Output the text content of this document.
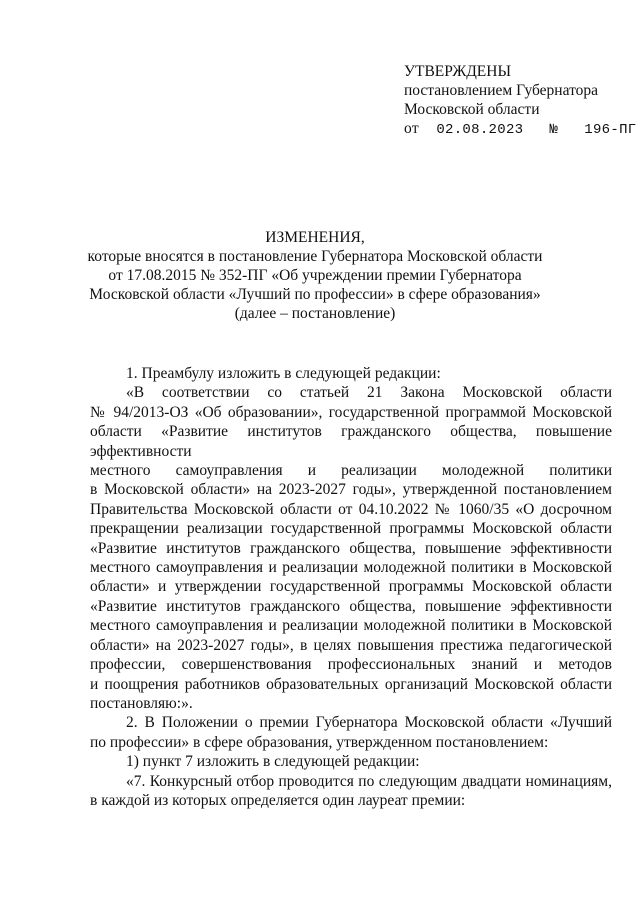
УТВЕРЖДЕНЫ
постановлением Губернатора
Московской области
от 02.08.2023 № 196-ПГ
ИЗМЕНЕНИЯ,
которые вносятся в постановление Губернатора Московской области
от 17.08.2015 № 352-ПГ «Об учреждении премии Губернатора
Московской области «Лучший по профессии» в сфере образования»
(далее – постановление)

1. Преамбулу изложить в следующей редакции:

«В соответствии со статьей 21 Закона Московской области

№ 94/2013-ОЗ «Об образовании», государственной программой Московской

области «Развитие институтов гражданского общества, повышение эффективности

местного самоуправления и реализации молодежной политики

в Московской области» на 2023-2027 годы», утвержденной постановлением

Правительства Московской области от 04.10.2022 № 1060/35 «О досрочном

прекращении реализации государственной программы Московской области

«Развитие институтов гражданского общества, повышение эффективности

местного самоуправления и реализации молодежной политики в Московской

области» и утверждении государственной программы Московской области

«Развитие институтов гражданского общества, повышение эффективности

местного самоуправления и реализации молодежной политики в Московской

области» на 2023-2027 годы», в целях повышения престижа педагогической

профессии, совершенствования профессиональных знаний и методов

и поощрения работников образовательных организаций Московской области

постановляю:».

2. В Положении о премии Губернатора Московской области «Лучший

по профессии» в сфере образования, утвержденном постановлением:

1) пункт 7 изложить в следующей редакции:

«7. Конкурсный отбор проводится по следующим двадцати номинациям,

в каждой из которых определяется один лауреат премии:
